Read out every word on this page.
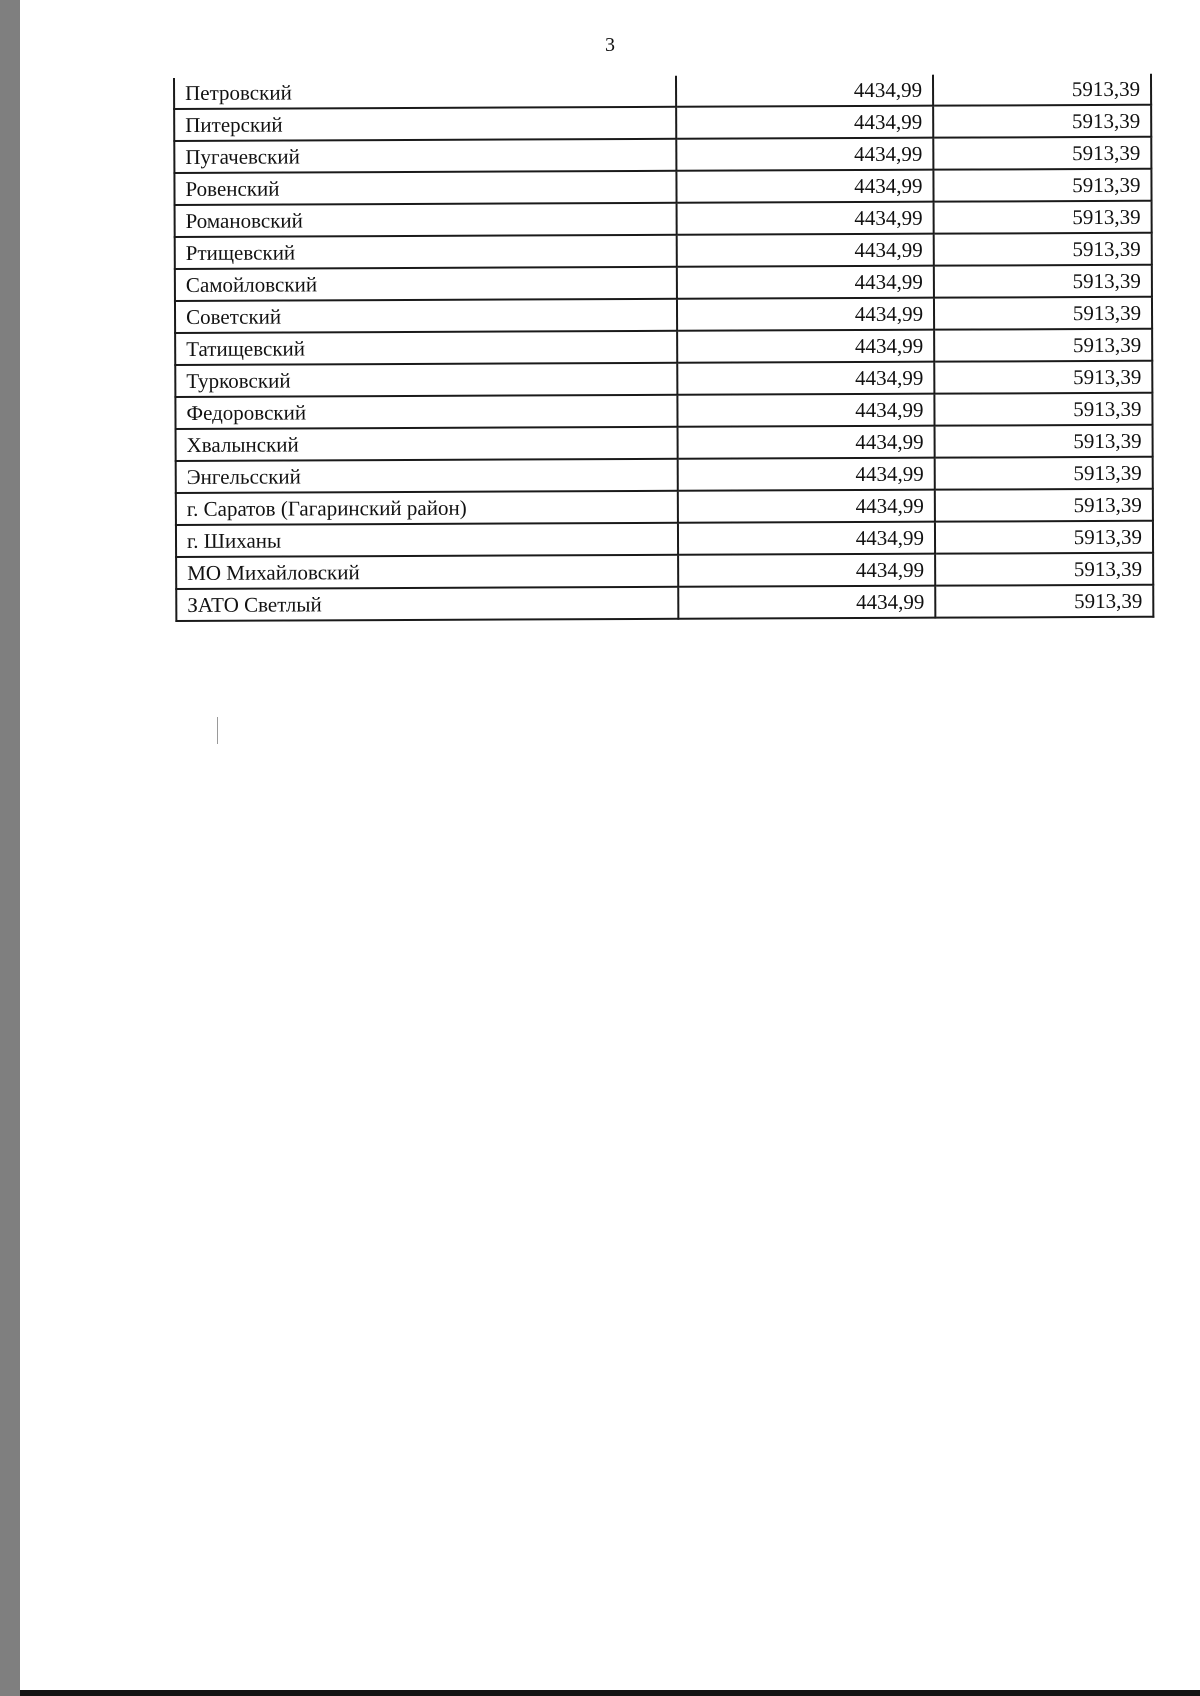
3
Петровский	4434,99	5913,39
Питерский	4434,99	5913,39
Пугачевский	4434,99	5913,39
Ровенский	4434,99	5913,39
Романовский	4434,99	5913,39
Ртищевский	4434,99	5913,39
Самойловский	4434,99	5913,39
Советский	4434,99	5913,39
Татищевский	4434,99	5913,39
Турковский	4434,99	5913,39
Федоровский	4434,99	5913,39
Хвалынский	4434,99	5913,39
Энгельсский	4434,99	5913,39
г. Саратов (Гагаринский район)	4434,99	5913,39
г. Шиханы	4434,99	5913,39
МО Михайловский	4434,99	5913,39
ЗАТО Светлый	4434,99	5913,39
